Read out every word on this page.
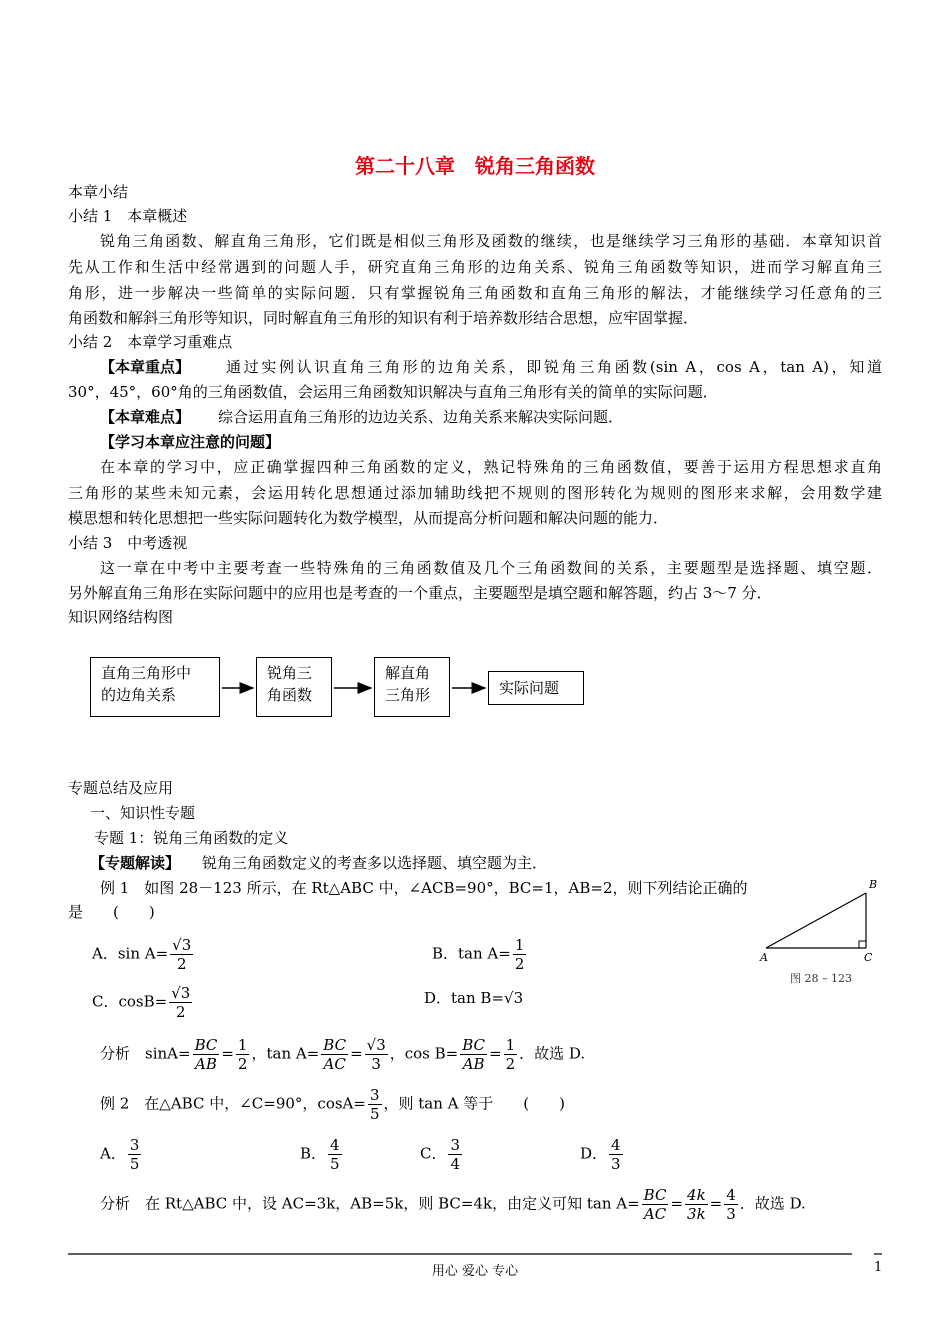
第二十八章　锐角三角函数
本章小结
小结 1　本章概述
锐角三角函数、解直角三角形，它们既是相似三角形及函数的继续，也是继续学习三角形的基础．本章知识首
先从工作和生活中经常遇到的问题人手，研究直角三角形的边角关系、锐角三角函数等知识，进而学习解直角三
角形，进一步解决一些简单的实际问题．只有掌握锐角三角函数和直角三角形的解法，才能继续学习任意角的三
角函数和解斜三角形等知识，同时解直角三角形的知识有利于培养数形结合思想，应牢固掌握．
小结 2　本章学习重难点
【本章重点】 通过实例认识直角三角形的边角关系，即锐角三角函数(sin A，cos A，tan A)，知道
30°，45°，60°角的三角函数值，会运用三角函数知识解决与直角三角形有关的简单的实际问题．
【本章难点】 综合运用直角三角形的边边关系、边角关系来解决实际问题．
【学习本章应注意的问题】
在本章的学习中，应正确掌握四种三角函数的定义，熟记特殊角的三角函数值，要善于运用方程思想求直角
三角形的某些未知元素，会运用转化思想通过添加辅助线把不规则的图形转化为规则的图形来求解，会用数学建
模思想和转化思想把一些实际问题转化为数学模型，从而提高分析问题和解决问题的能力．
小结 3　中考透视
这一章在中考中主要考查一些特殊角的三角函数值及几个三角函数间的关系，主要题型是选择题、填空题．
另外解直角三角形在实际问题中的应用也是考查的一个重点，主要题型是填空题和解答题，约占 3～7 分．
知识网络结构图
直角三角形中
的边角关系
锐角三
角函数
解直角
三角形	实际问题
A
B
C
图 28 – 123
专题总结及应用
一、知识性专题
专题 1：锐角三角函数的定义
【专题解读】 锐角三角函数定义的考查多以选择题、填空题为主．
例 1　如图 28－123 所示，在 Rt△ABC 中，∠ACB=90°，BC=1，AB=2，则下列结论正确的
是　　(　　)
A．$\sin A= \frac{√3}{2}$	B．$\tan A= \frac{1}{2}$
C．$\cos B= \frac{√3}{2}$	D．tan B=√3
分析　$\sin A= \frac{BC}{AB} = \frac{1}{2}$ ，$\tan A= \frac{BC}{AC} = \frac{√3}{3}$ ，$\cos B= \frac{BC}{AB} = \frac{1}{2}$ ．故选 D.
例 2　在△ABC 中，∠C=90°，$\cos A= \frac{3}{5}$ ，则 tan A 等于　　(　　)
A． $\frac{3}{5}$	B． $\frac{4}{5}$	C． $\frac{3}{4}$	D． $\frac{4}{3}$
分析　在 Rt△ABC 中，设 AC=3k，AB=5k，则 BC=4k，由定义可知 $\tan A= \frac{BC}{AC} = \frac{4k}{3k} = \frac{4}{3}$ ．故选 D.
用心 爱心 专心	1
